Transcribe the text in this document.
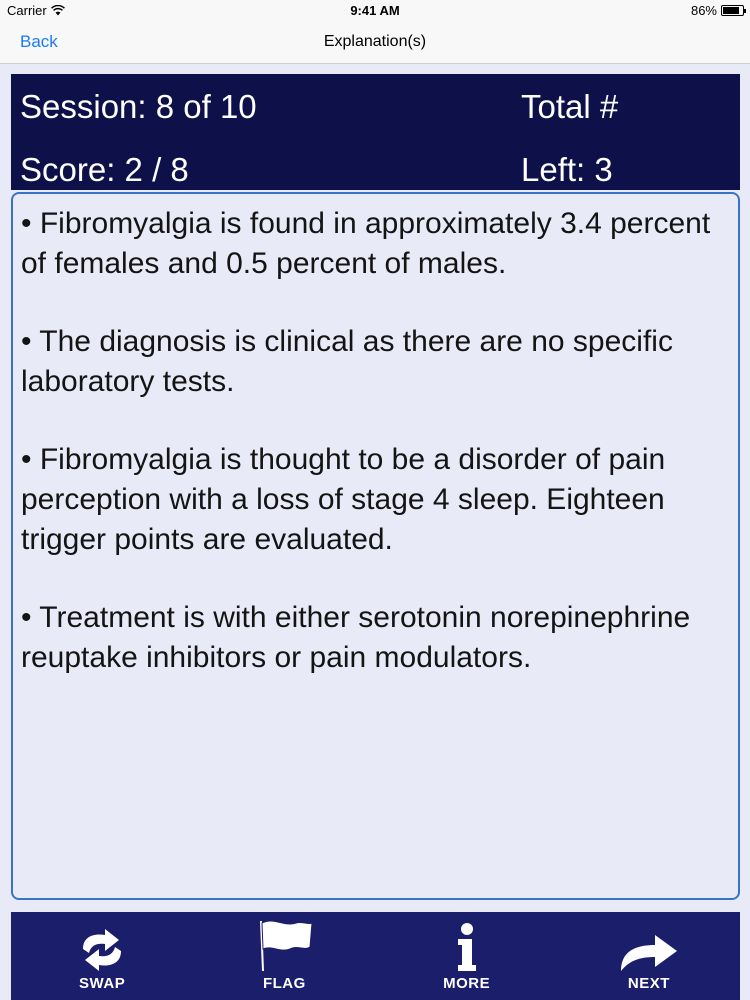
Carrier	9:41 AM	86%
Back	Explanation(s)
Session: 8 of 10	Total #
Score: 2 / 8	Left: 3

• Fibromyalgia is found in approximately 3.4 percent of females and 0.5 percent of males.

• The diagnosis is clinical as there are no specific laboratory tests.

• Fibromyalgia is thought to be a disorder of pain perception with a loss of stage 4 sleep. Eighteen trigger points are evaluated.

• Treatment is with either serotonin norepinephrine reuptake inhibitors or pain modulators.

SWAP	FLAG	MORE	NEXT
